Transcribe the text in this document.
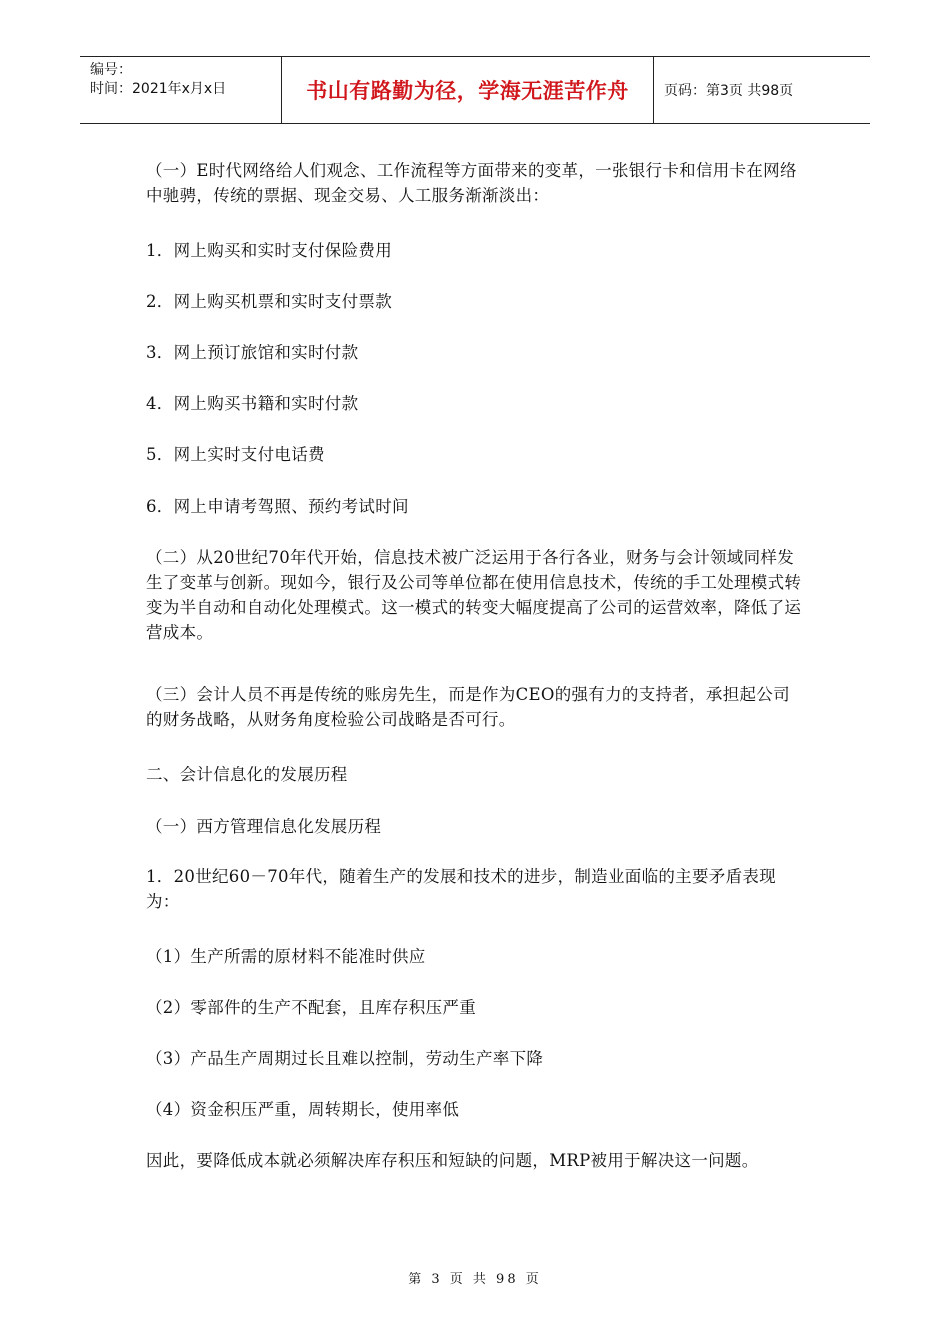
编号：
时间：2021年x月x日	书山有路勤为径，学海无涯苦作舟	页码：第3页 共98页

（一）E时代网络给人们观念、工作流程等方面带来的变革，一张银行卡和信用卡在网络中驰骋，传统的票据、现金交易、人工服务渐渐淡出：

1．网上购买和实时支付保险费用

2．网上购买机票和实时支付票款

3．网上预订旅馆和实时付款

4．网上购买书籍和实时付款

5．网上实时支付电话费

6．网上申请考驾照、预约考试时间

（二）从20世纪70年代开始，信息技术被广泛运用于各行各业，财务与会计领域同样发生了变革与创新。现如今，银行及公司等单位都在使用信息技术，传统的手工处理模式转变为半自动和自动化处理模式。这一模式的转变大幅度提高了公司的运营效率，降低了运营成本。

（三）会计人员不再是传统的账房先生，而是作为CEO的强有力的支持者，承担起公司的财务战略，从财务角度检验公司战略是否可行。

二、会计信息化的发展历程

（一）西方管理信息化发展历程

1．20世纪60－70年代，随着生产的发展和技术的进步，制造业面临的主要矛盾表现为：

（1）生产所需的原材料不能准时供应

（2）零部件的生产不配套，且库存积压严重

（3）产品生产周期过长且难以控制，劳动生产率下降

（4）资金积压严重，周转期长，使用率低

因此，要降低成本就必须解决库存积压和短缺的问题，MRP被用于解决这一问题。

第 3 页 共 98 页
